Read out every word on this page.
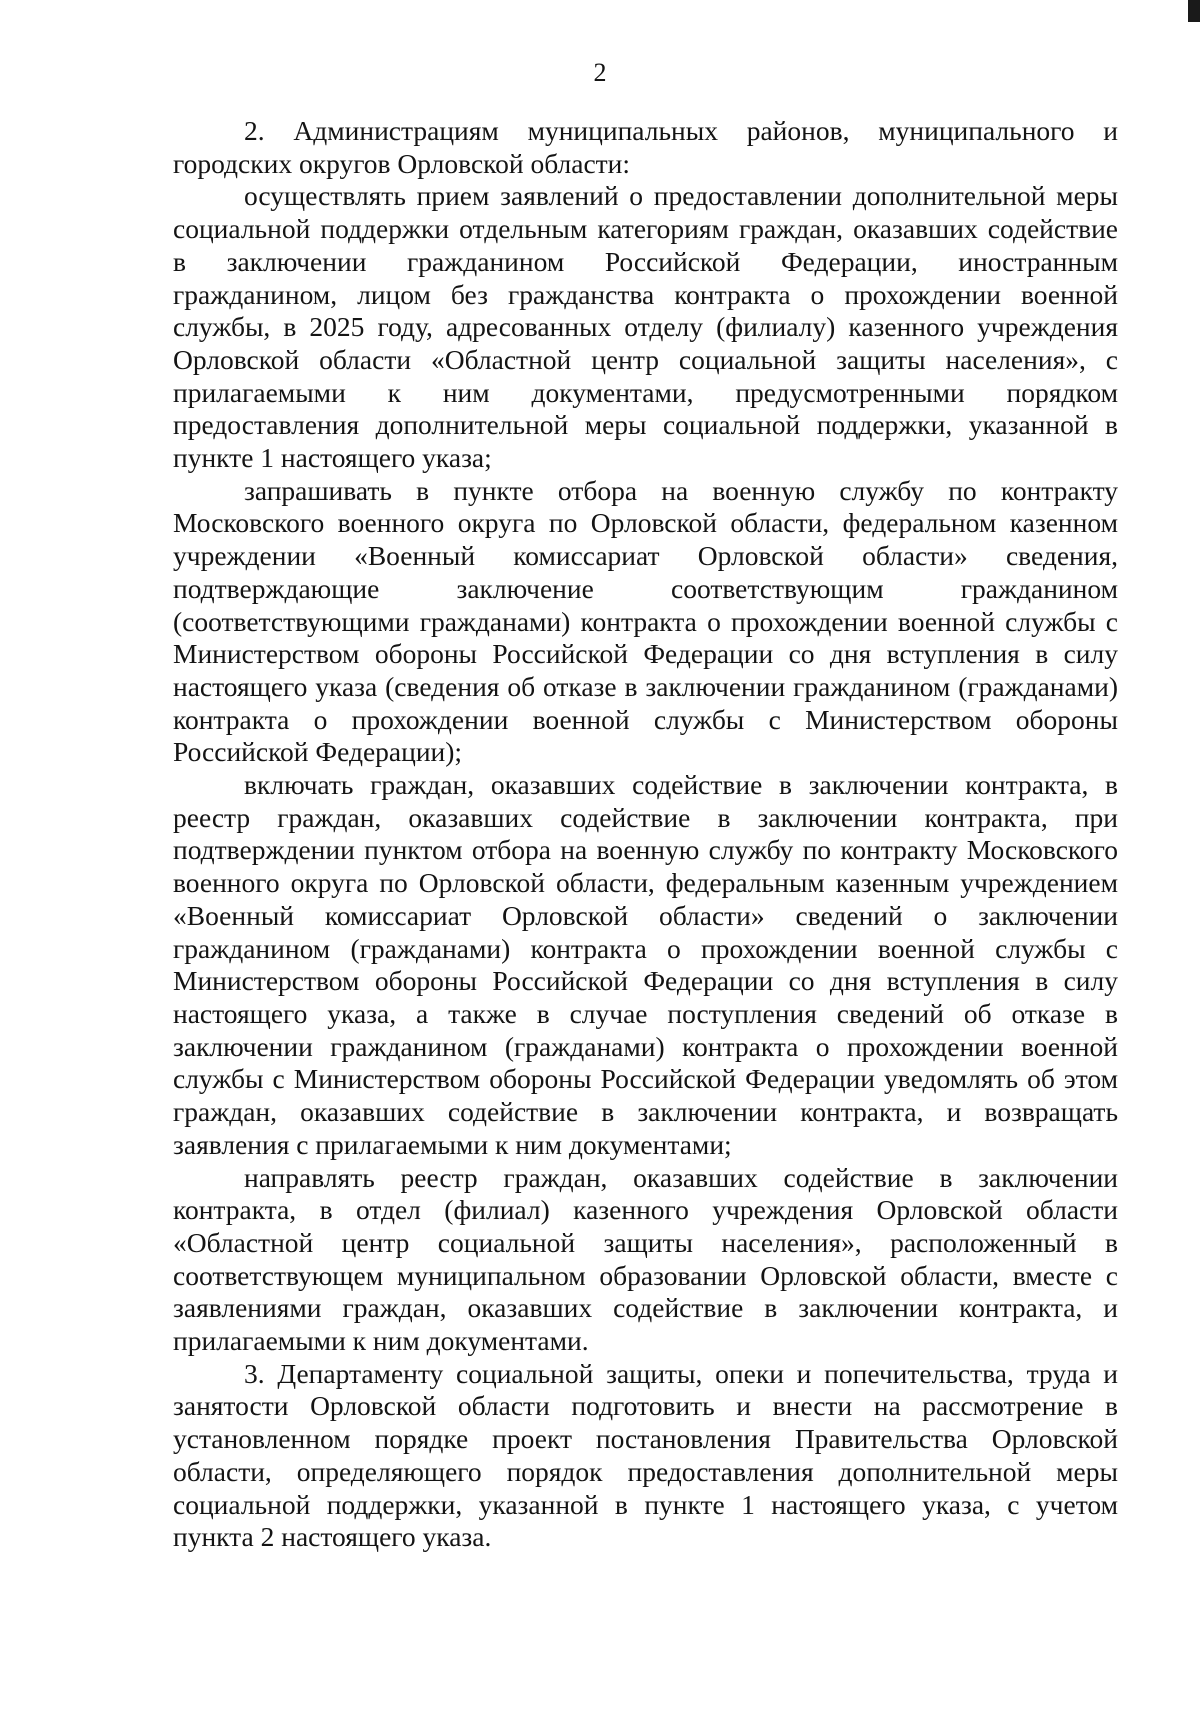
2

2. Администрациям муниципальных районов, муниципального и городских округов Орловской области:

осуществлять прием заявлений о предоставлении дополнительной меры социальной поддержки отдельным категориям граждан, оказавших содействие в заключении гражданином Российской Федерации, иностранным гражданином, лицом без гражданства контракта о прохождении военной службы, в 2025 году, адресованных отделу (филиалу) казенного учреждения Орловской области «Областной центр социальной защиты населения», с прилагаемыми к ним документами, предусмотренными порядком предоставления дополнительной меры социальной поддержки, указанной в пункте 1 настоящего указа;

запрашивать в пункте отбора на военную службу по контракту Московского военного округа по Орловской области, федеральном казенном учреждении «Военный комиссариат Орловской области» сведения, подтверждающие заключение соответствующим гражданином (соответствующими гражданами) контракта о прохождении военной службы с Министерством обороны Российской Федерации со дня вступления в силу настоящего указа (сведения об отказе в заключении гражданином (гражданами) контракта о прохождении военной службы с Министерством обороны Российской Федерации);

включать граждан, оказавших содействие в заключении контракта, в реестр граждан, оказавших содействие в заключении контракта, при подтверждении пунктом отбора на военную службу по контракту Московского военного округа по Орловской области, федеральным казенным учреждением «Военный комиссариат Орловской области» сведений о заключении гражданином (гражданами) контракта о прохождении военной службы с Министерством обороны Российской Федерации со дня вступления в силу настоящего указа, а также в случае поступления сведений об отказе в заключении гражданином (гражданами) контракта о прохождении военной службы с Министерством обороны Российской Федерации уведомлять об этом граждан, оказавших содействие в заключении контракта, и возвращать заявления с прилагаемыми к ним документами;

направлять реестр граждан, оказавших содействие в заключении контракта, в отдел (филиал) казенного учреждения Орловской области «Областной центр социальной защиты населения», расположенный в соответствующем муниципальном образовании Орловской области, вместе с заявлениями граждан, оказавших содействие в заключении контракта, и прилагаемыми к ним документами.

3. Департаменту социальной защиты, опеки и попечительства, труда и занятости Орловской области подготовить и внести на рассмотрение в установленном порядке проект постановления Правительства Орловской области, определяющего порядок предоставления дополнительной меры социальной поддержки, указанной в пункте 1 настоящего указа, с учетом пункта 2 настоящего указа.
